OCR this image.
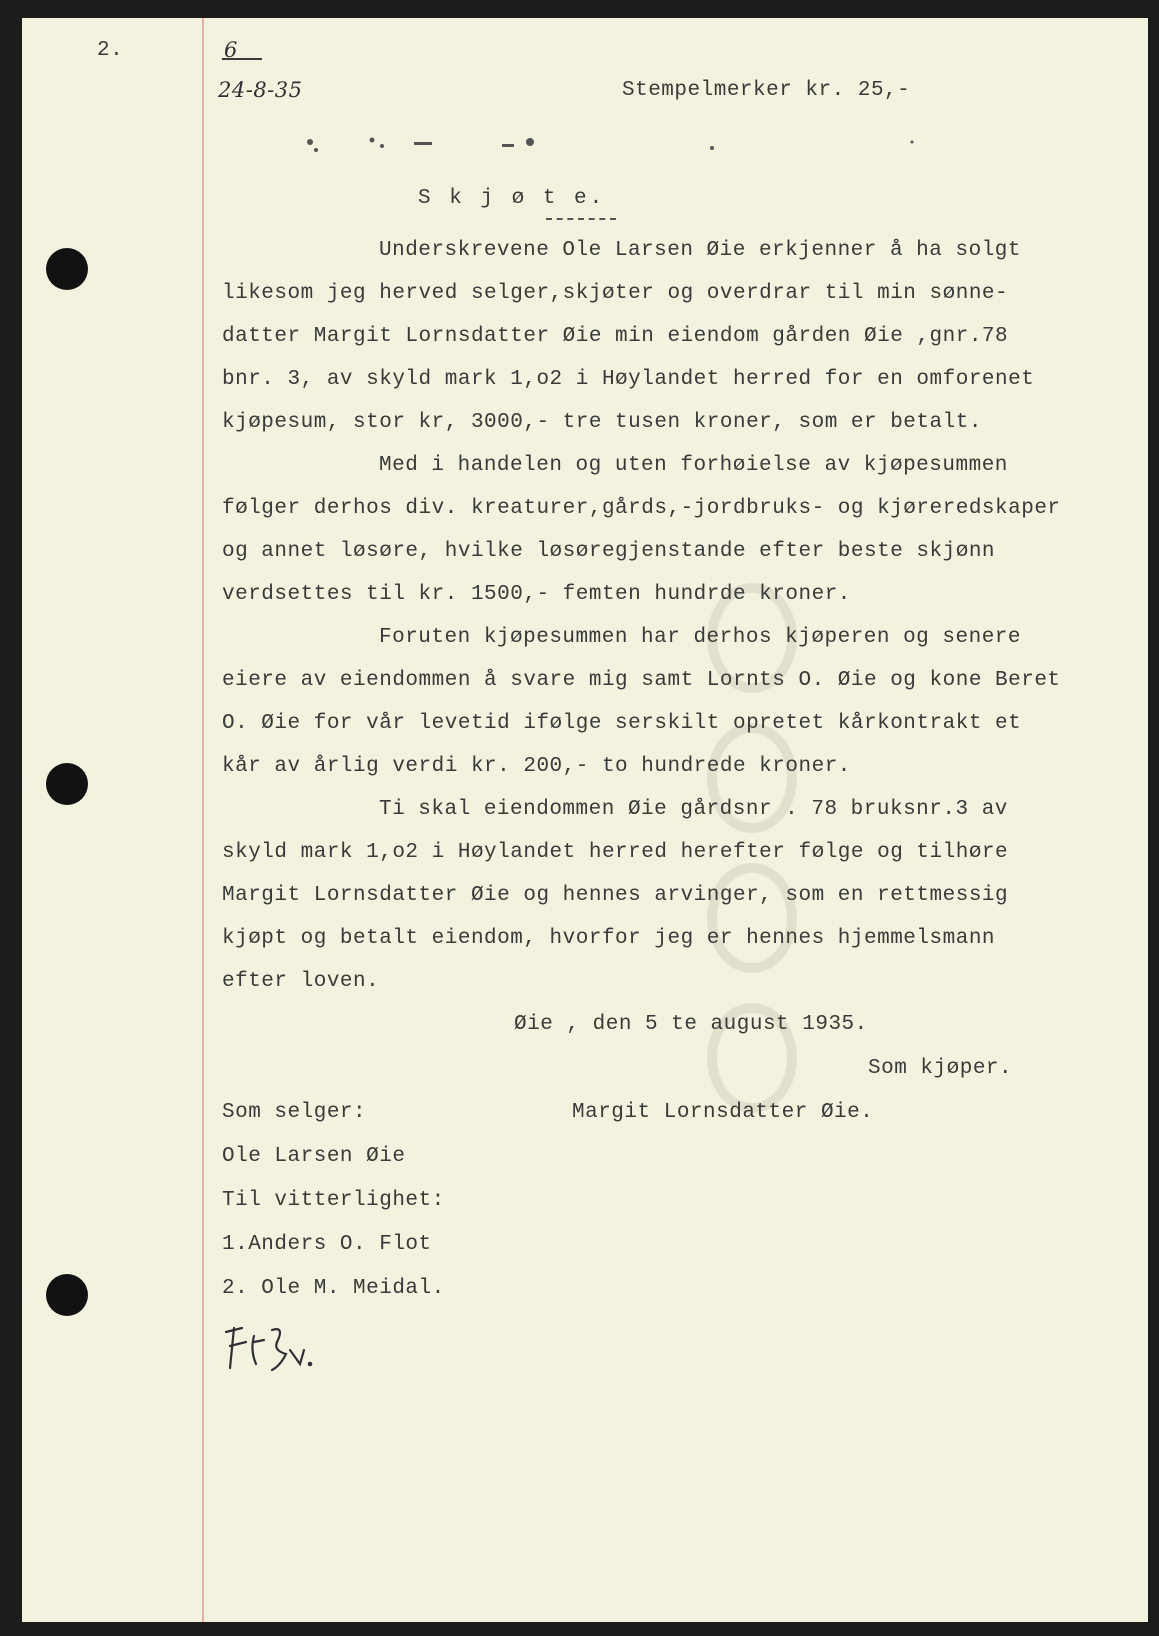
2.	6
24-8-35	Stempelmerker kr. 25,-
S k j ø t e.
Underskrevene Ole Larsen Øie erkjenner å ha solgt
likesom jeg herved selger,skjøter og overdrar til min sønne-
datter Margit Lornsdatter Øie min eiendom gården Øie ,gnr.78
bnr. 3, av skyld mark 1,o2 i Høylandet herred for en omforenet
kjøpesum, stor kr, 3000,- tre tusen kroner, som er betalt.
Med i handelen og uten forhøielse av kjøpesummen
følger derhos div. kreaturer,gårds,-jordbruks- og kjøreredskaper
og annet løsøre, hvilke løsøregjenstande efter beste skjønn
verdsettes til kr. 1500,- femten hundrde kroner.
Foruten kjøpesummen har derhos kjøperen og senere
eiere av eiendommen å svare mig samt Lornts O. Øie og kone Beret
O. Øie for vår levetid ifølge serskilt opretet kårkontrakt et
kår av årlig verdi kr. 200,- to hundrede kroner.
Ti skal eiendommen Øie gårdsnr . 78 bruksnr.3 av
skyld mark 1,o2 i Høylandet herred herefter følge og tilhøre
Margit Lornsdatter Øie og hennes arvinger, som en rettmessig
kjøpt og betalt eiendom, hvorfor jeg er hennes hjemmelsmann
efter loven.
Øie , den 5 te august 1935.
Som kjøper.
Som selger:	Margit Lornsdatter Øie.
Ole Larsen Øie
Til vitterlighet:
1.Anders O. Flot
2. Ole M. Meidal.
